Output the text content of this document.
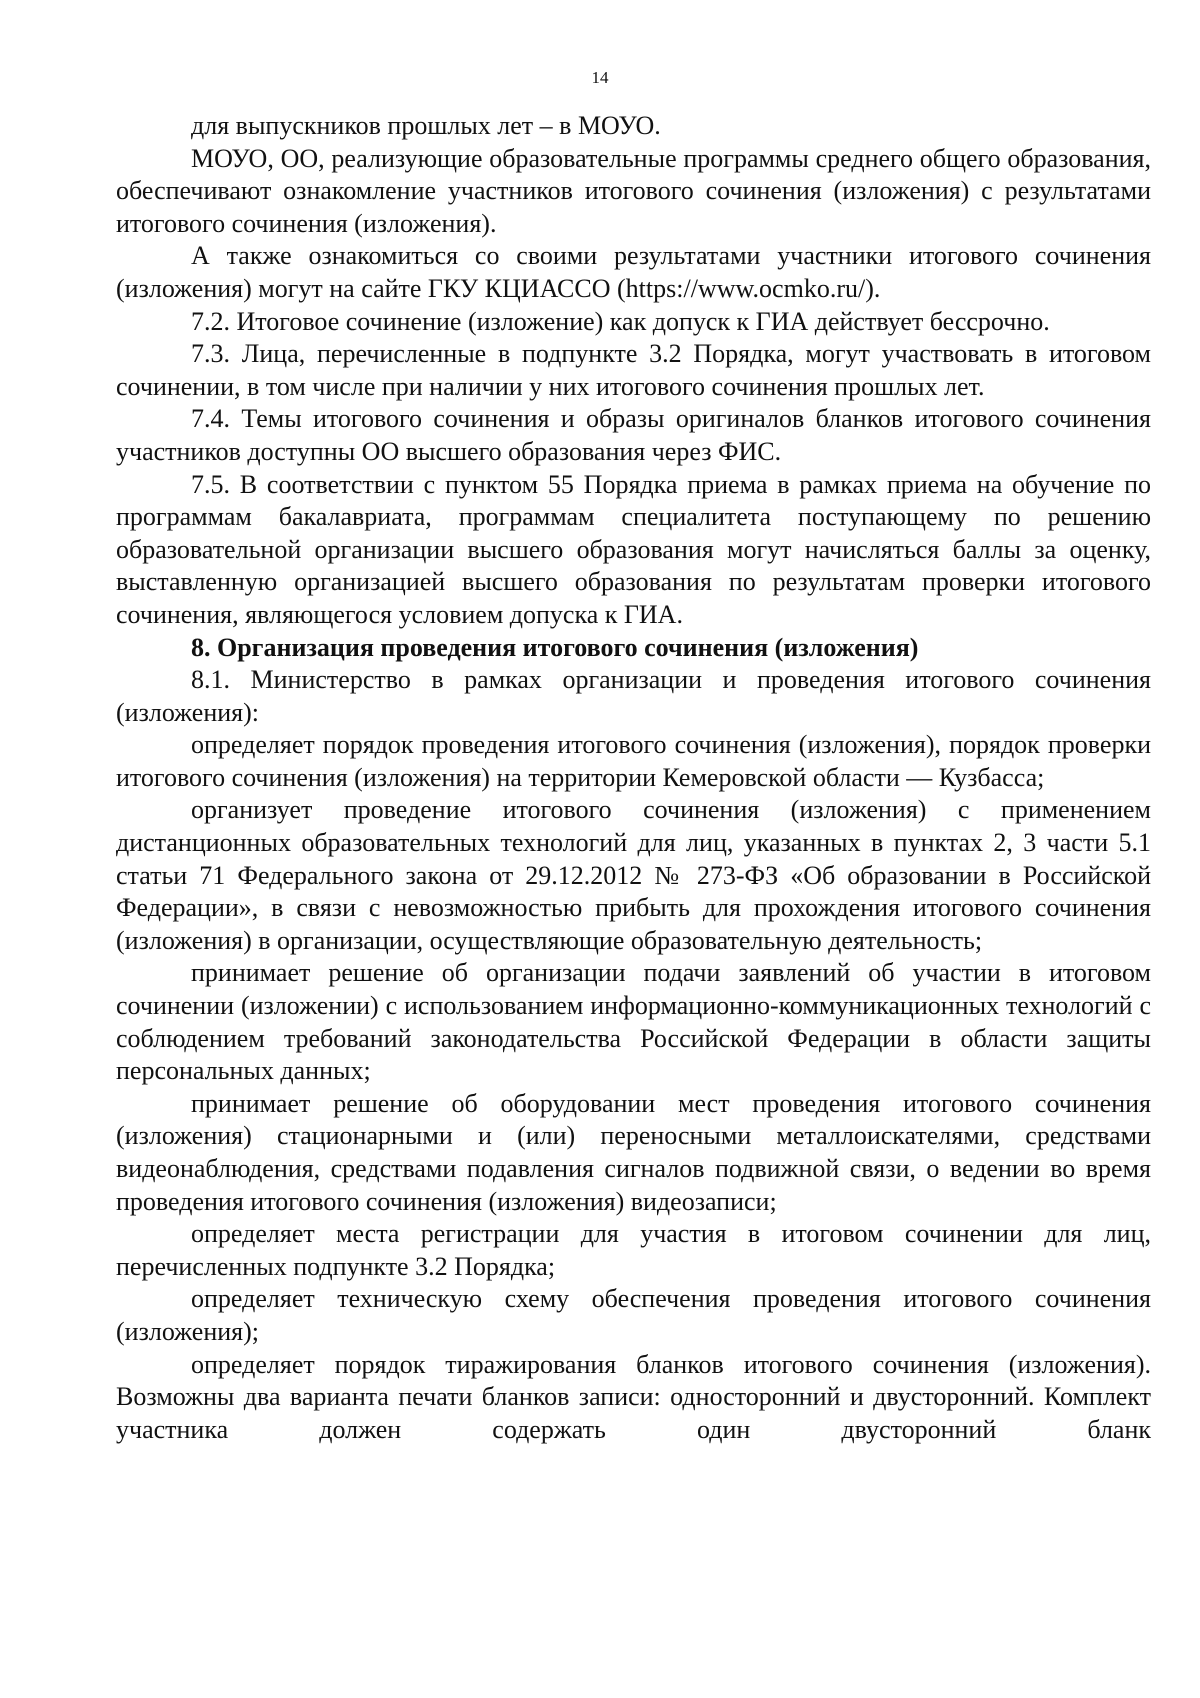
14

для выпускников прошлых лет – в МОУО.

МОУО, ОО, реализующие образовательные программы среднего общего образования, обеспечивают ознакомление участников итогового сочинения (изложения) с результатами итогового сочинения (изложения).

А также ознакомиться со своими результатами участники итогового сочинения (изложения) могут на сайте ГКУ КЦИАССО (https://www.ocmko.ru/).

7.2. Итоговое сочинение (изложение) как допуск к ГИА действует бессрочно.

7.3. Лица, перечисленные в подпункте 3.2 Порядка, могут участвовать в итоговом сочинении, в том числе при наличии у них итогового сочинения прошлых лет.

7.4. Темы итогового сочинения и образы оригиналов бланков итогового сочинения участников доступны ОО высшего образования через ФИС.

7.5. В соответствии с пунктом 55 Порядка приема в рамках приема на обучение по программам бакалавриата, программам специалитета поступающему по решению образовательной организации высшего образования могут начисляться баллы за оценку, выставленную организацией высшего образования по результатам проверки итогового сочинения, являющегося условием допуска к ГИА.

8. Организация проведения итогового сочинения (изложения)

8.1. Министерство в рамках организации и проведения итогового сочинения (изложения):

определяет порядок проведения итогового сочинения (изложения), порядок проверки итогового сочинения (изложения) на территории Кемеровской области — Кузбасса;

организует проведение итогового сочинения (изложения) с применением дистанционных образовательных технологий для лиц, указанных в пунктах 2, 3 части 5.1 статьи 71 Федерального закона от 29.12.2012 № 273-ФЗ «Об образовании в Российской Федерации», в связи с невозможностью прибыть для прохождения итогового сочинения (изложения) в организации, осуществляющие образовательную деятельность;

принимает решение об организации подачи заявлений об участии в итоговом сочинении (изложении) с использованием информационно-коммуникационных технологий с соблюдением требований законодательства Российской Федерации в области защиты персональных данных;

принимает решение об оборудовании мест проведения итогового сочинения (изложения) стационарными и (или) переносными металлоискателями, средствами видеонаблюдения, средствами подавления сигналов подвижной связи, о ведении во время проведения итогового сочинения (изложения) видеозаписи;

определяет места регистрации для участия в итоговом сочинении для лиц, перечисленных подпункте 3.2 Порядка;

определяет техническую схему обеспечения проведения итогового сочинения (изложения);

определяет порядок тиражирования бланков итогового сочинения (изложения). Возможны два варианта печати бланков записи: односторонний и двусторонний. Комплект участника должен содержать один двусторонний бланк
